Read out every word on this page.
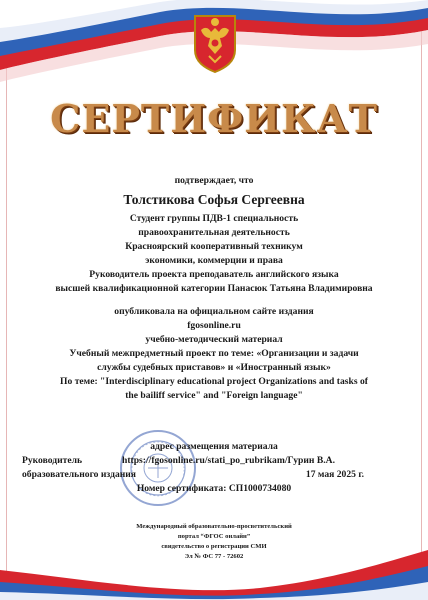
СЕРТИФИКАТ
подтверждает, что
Толстикова Софья Сергеевна
Студент группы ПДВ-1 специальность
правоохранительная деятельность
Красноярский кооперативный техникум
экономики, коммерции и права
Руководитель проекта преподаватель английского языка
высшей квалификационной категории Панасюк Татьяна Владимировна
опубликовала на официальном сайте издания
fgosonline.ru
учебно-методический материал
Учебный межпредметный проект по теме: «Организации и задачи
службы судебных приставов» и «Иностранный язык»
По теме: "Interdisciplinary educational project Organizations and tasks of
the bailiff service" and "Foreign language"
адрес размещения материала
Руководитель	https://fgosonline.ru/stati_po_rubrikam/Гурин В.А.
образовательного издания	17 мая 2025 г.
Номер сертификата: СП1000734080
Международный образовательно-просветительский
портал “ФГОС онлайн”
свидетельство о регистрации СМИ
Эл № ФС 77 - 72602
